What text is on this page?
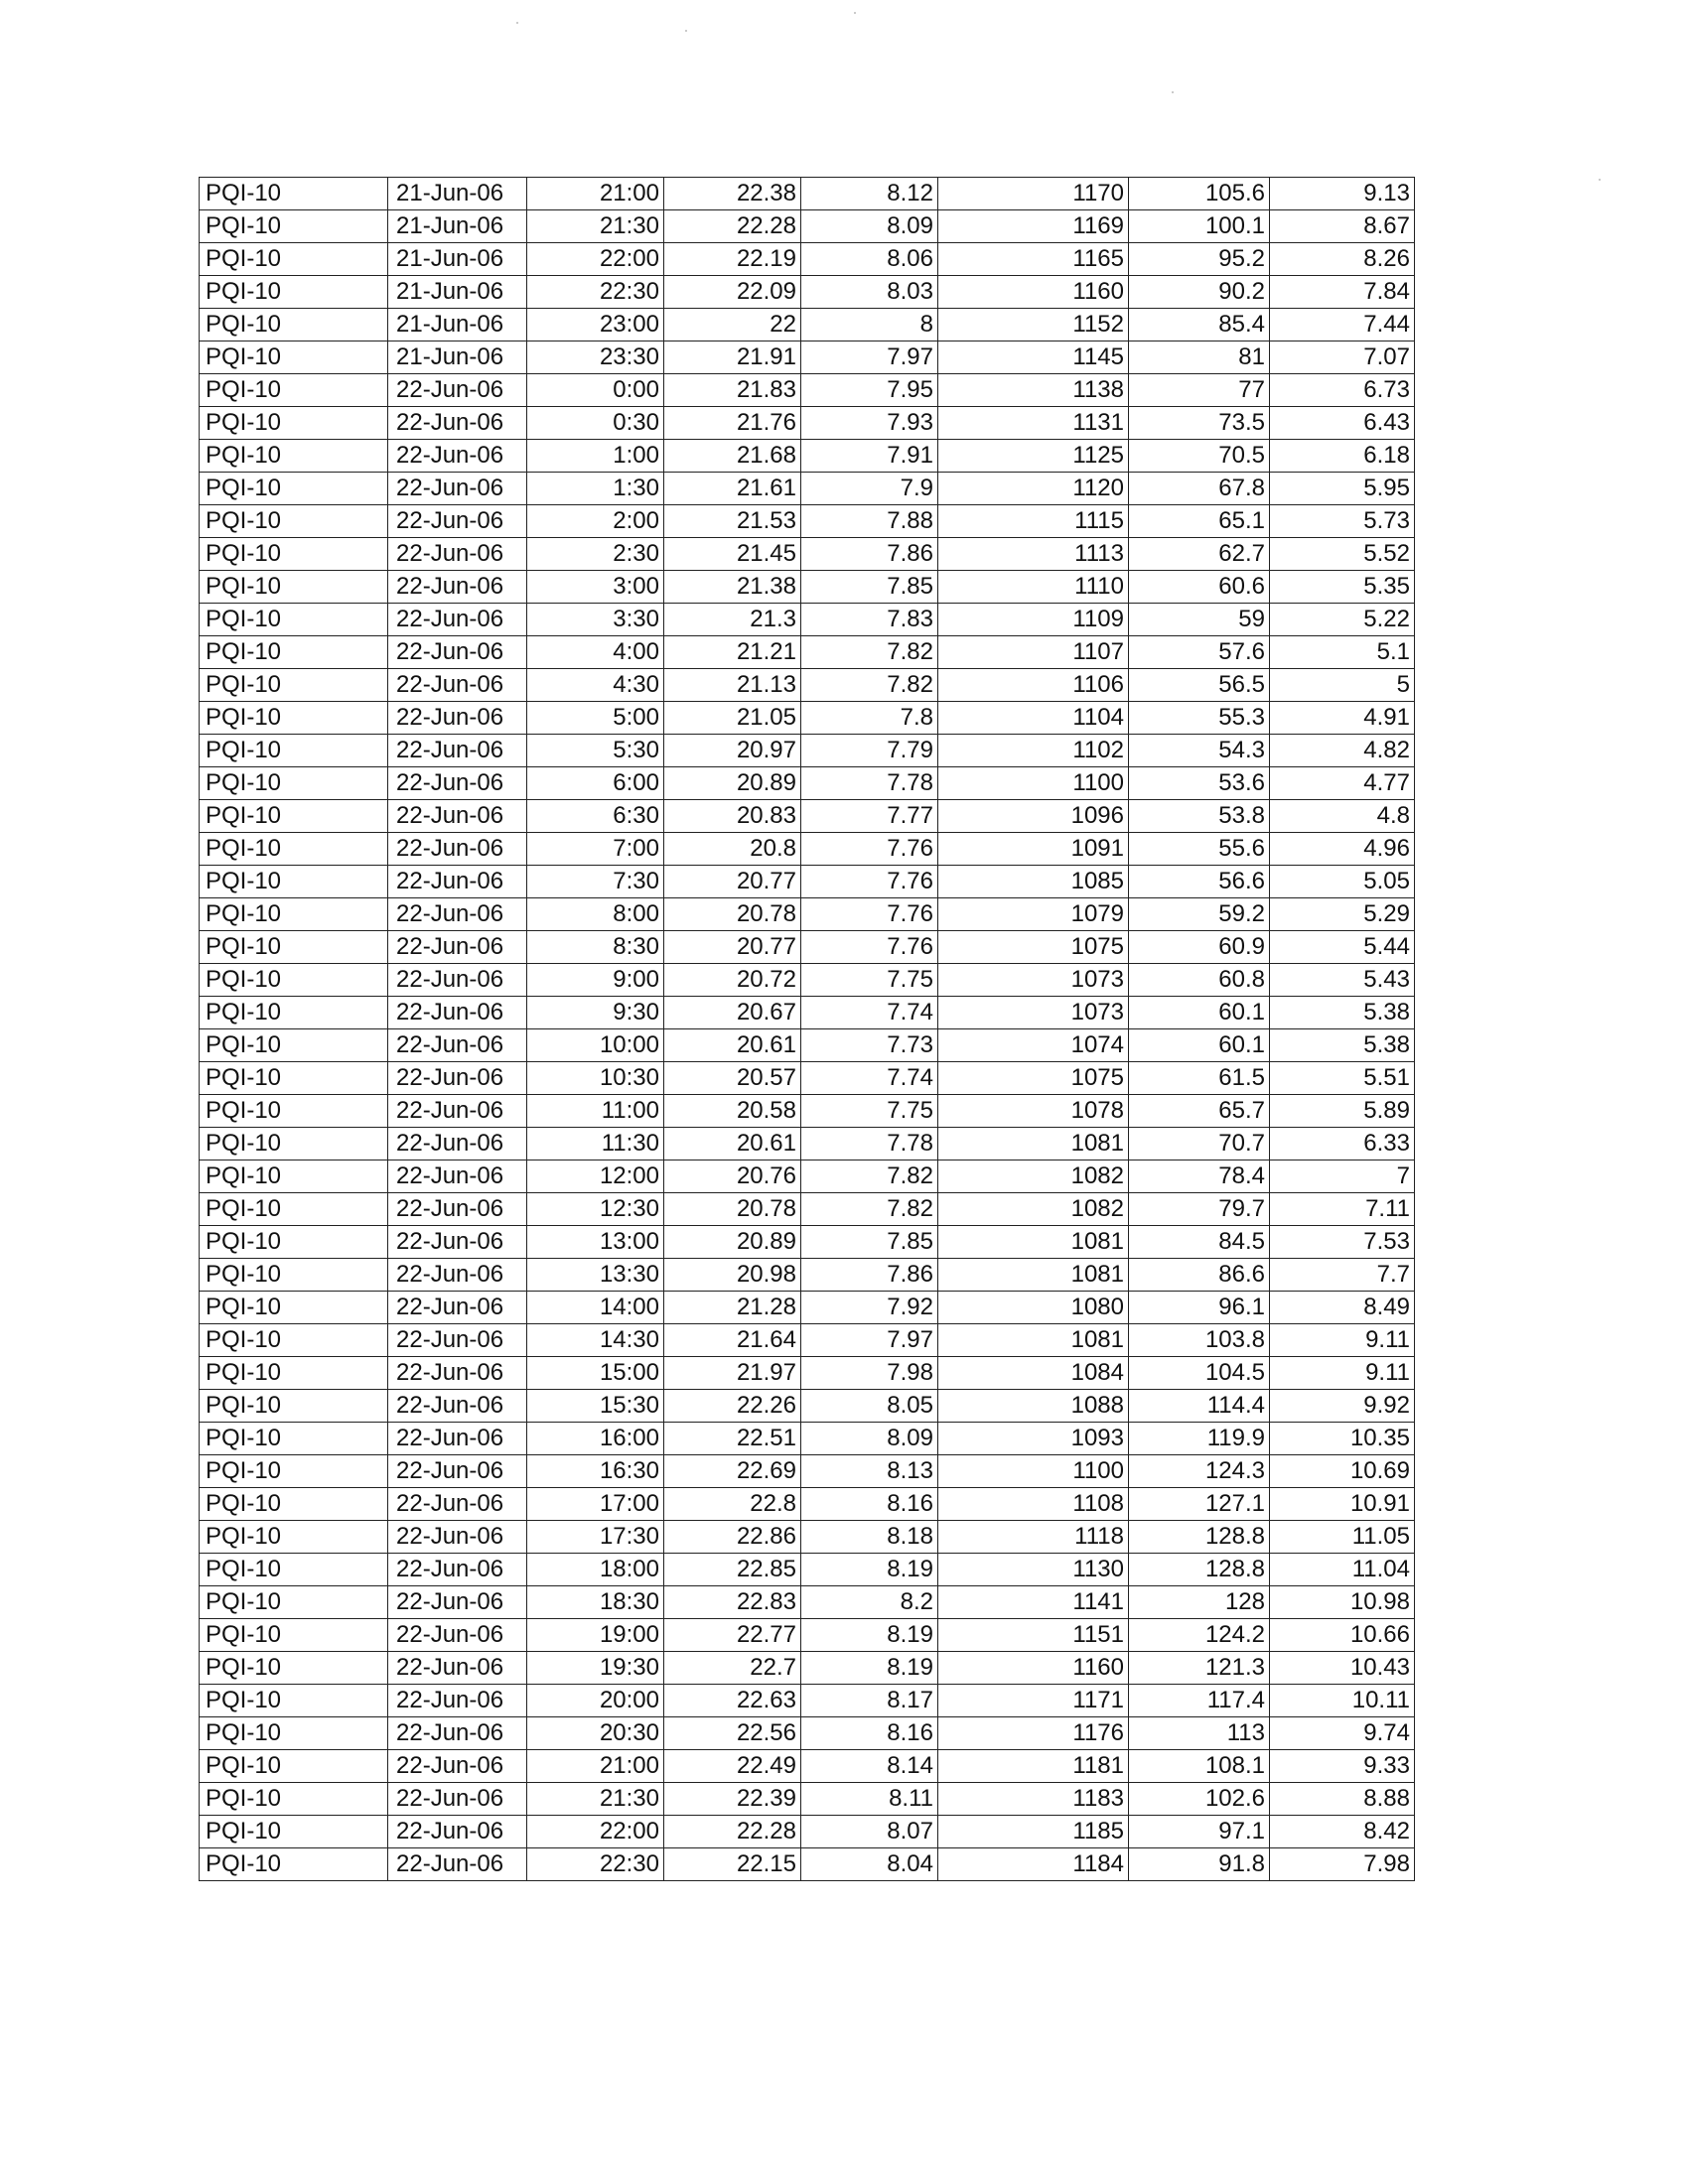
PQI-10	21-Jun-06	21:00	22.38	8.12	1170	105.6	9.13
PQI-10	21-Jun-06	21:30	22.28	8.09	1169	100.1	8.67
PQI-10	21-Jun-06	22:00	22.19	8.06	1165	95.2	8.26
PQI-10	21-Jun-06	22:30	22.09	8.03	1160	90.2	7.84
PQI-10	21-Jun-06	23:00	22	8	1152	85.4	7.44
PQI-10	21-Jun-06	23:30	21.91	7.97	1145	81	7.07
PQI-10	22-Jun-06	0:00	21.83	7.95	1138	77	6.73
PQI-10	22-Jun-06	0:30	21.76	7.93	1131	73.5	6.43
PQI-10	22-Jun-06	1:00	21.68	7.91	1125	70.5	6.18
PQI-10	22-Jun-06	1:30	21.61	7.9	1120	67.8	5.95
PQI-10	22-Jun-06	2:00	21.53	7.88	1115	65.1	5.73
PQI-10	22-Jun-06	2:30	21.45	7.86	1113	62.7	5.52
PQI-10	22-Jun-06	3:00	21.38	7.85	1110	60.6	5.35
PQI-10	22-Jun-06	3:30	21.3	7.83	1109	59	5.22
PQI-10	22-Jun-06	4:00	21.21	7.82	1107	57.6	5.1
PQI-10	22-Jun-06	4:30	21.13	7.82	1106	56.5	5
PQI-10	22-Jun-06	5:00	21.05	7.8	1104	55.3	4.91
PQI-10	22-Jun-06	5:30	20.97	7.79	1102	54.3	4.82
PQI-10	22-Jun-06	6:00	20.89	7.78	1100	53.6	4.77
PQI-10	22-Jun-06	6:30	20.83	7.77	1096	53.8	4.8
PQI-10	22-Jun-06	7:00	20.8	7.76	1091	55.6	4.96
PQI-10	22-Jun-06	7:30	20.77	7.76	1085	56.6	5.05
PQI-10	22-Jun-06	8:00	20.78	7.76	1079	59.2	5.29
PQI-10	22-Jun-06	8:30	20.77	7.76	1075	60.9	5.44
PQI-10	22-Jun-06	9:00	20.72	7.75	1073	60.8	5.43
PQI-10	22-Jun-06	9:30	20.67	7.74	1073	60.1	5.38
PQI-10	22-Jun-06	10:00	20.61	7.73	1074	60.1	5.38
PQI-10	22-Jun-06	10:30	20.57	7.74	1075	61.5	5.51
PQI-10	22-Jun-06	11:00	20.58	7.75	1078	65.7	5.89
PQI-10	22-Jun-06	11:30	20.61	7.78	1081	70.7	6.33
PQI-10	22-Jun-06	12:00	20.76	7.82	1082	78.4	7
PQI-10	22-Jun-06	12:30	20.78	7.82	1082	79.7	7.11
PQI-10	22-Jun-06	13:00	20.89	7.85	1081	84.5	7.53
PQI-10	22-Jun-06	13:30	20.98	7.86	1081	86.6	7.7
PQI-10	22-Jun-06	14:00	21.28	7.92	1080	96.1	8.49
PQI-10	22-Jun-06	14:30	21.64	7.97	1081	103.8	9.11
PQI-10	22-Jun-06	15:00	21.97	7.98	1084	104.5	9.11
PQI-10	22-Jun-06	15:30	22.26	8.05	1088	114.4	9.92
PQI-10	22-Jun-06	16:00	22.51	8.09	1093	119.9	10.35
PQI-10	22-Jun-06	16:30	22.69	8.13	1100	124.3	10.69
PQI-10	22-Jun-06	17:00	22.8	8.16	1108	127.1	10.91
PQI-10	22-Jun-06	17:30	22.86	8.18	1118	128.8	11.05
PQI-10	22-Jun-06	18:00	22.85	8.19	1130	128.8	11.04
PQI-10	22-Jun-06	18:30	22.83	8.2	1141	128	10.98
PQI-10	22-Jun-06	19:00	22.77	8.19	1151	124.2	10.66
PQI-10	22-Jun-06	19:30	22.7	8.19	1160	121.3	10.43
PQI-10	22-Jun-06	20:00	22.63	8.17	1171	117.4	10.11
PQI-10	22-Jun-06	20:30	22.56	8.16	1176	113	9.74
PQI-10	22-Jun-06	21:00	22.49	8.14	1181	108.1	9.33
PQI-10	22-Jun-06	21:30	22.39	8.11	1183	102.6	8.88
PQI-10	22-Jun-06	22:00	22.28	8.07	1185	97.1	8.42
PQI-10	22-Jun-06	22:30	22.15	8.04	1184	91.8	7.98
